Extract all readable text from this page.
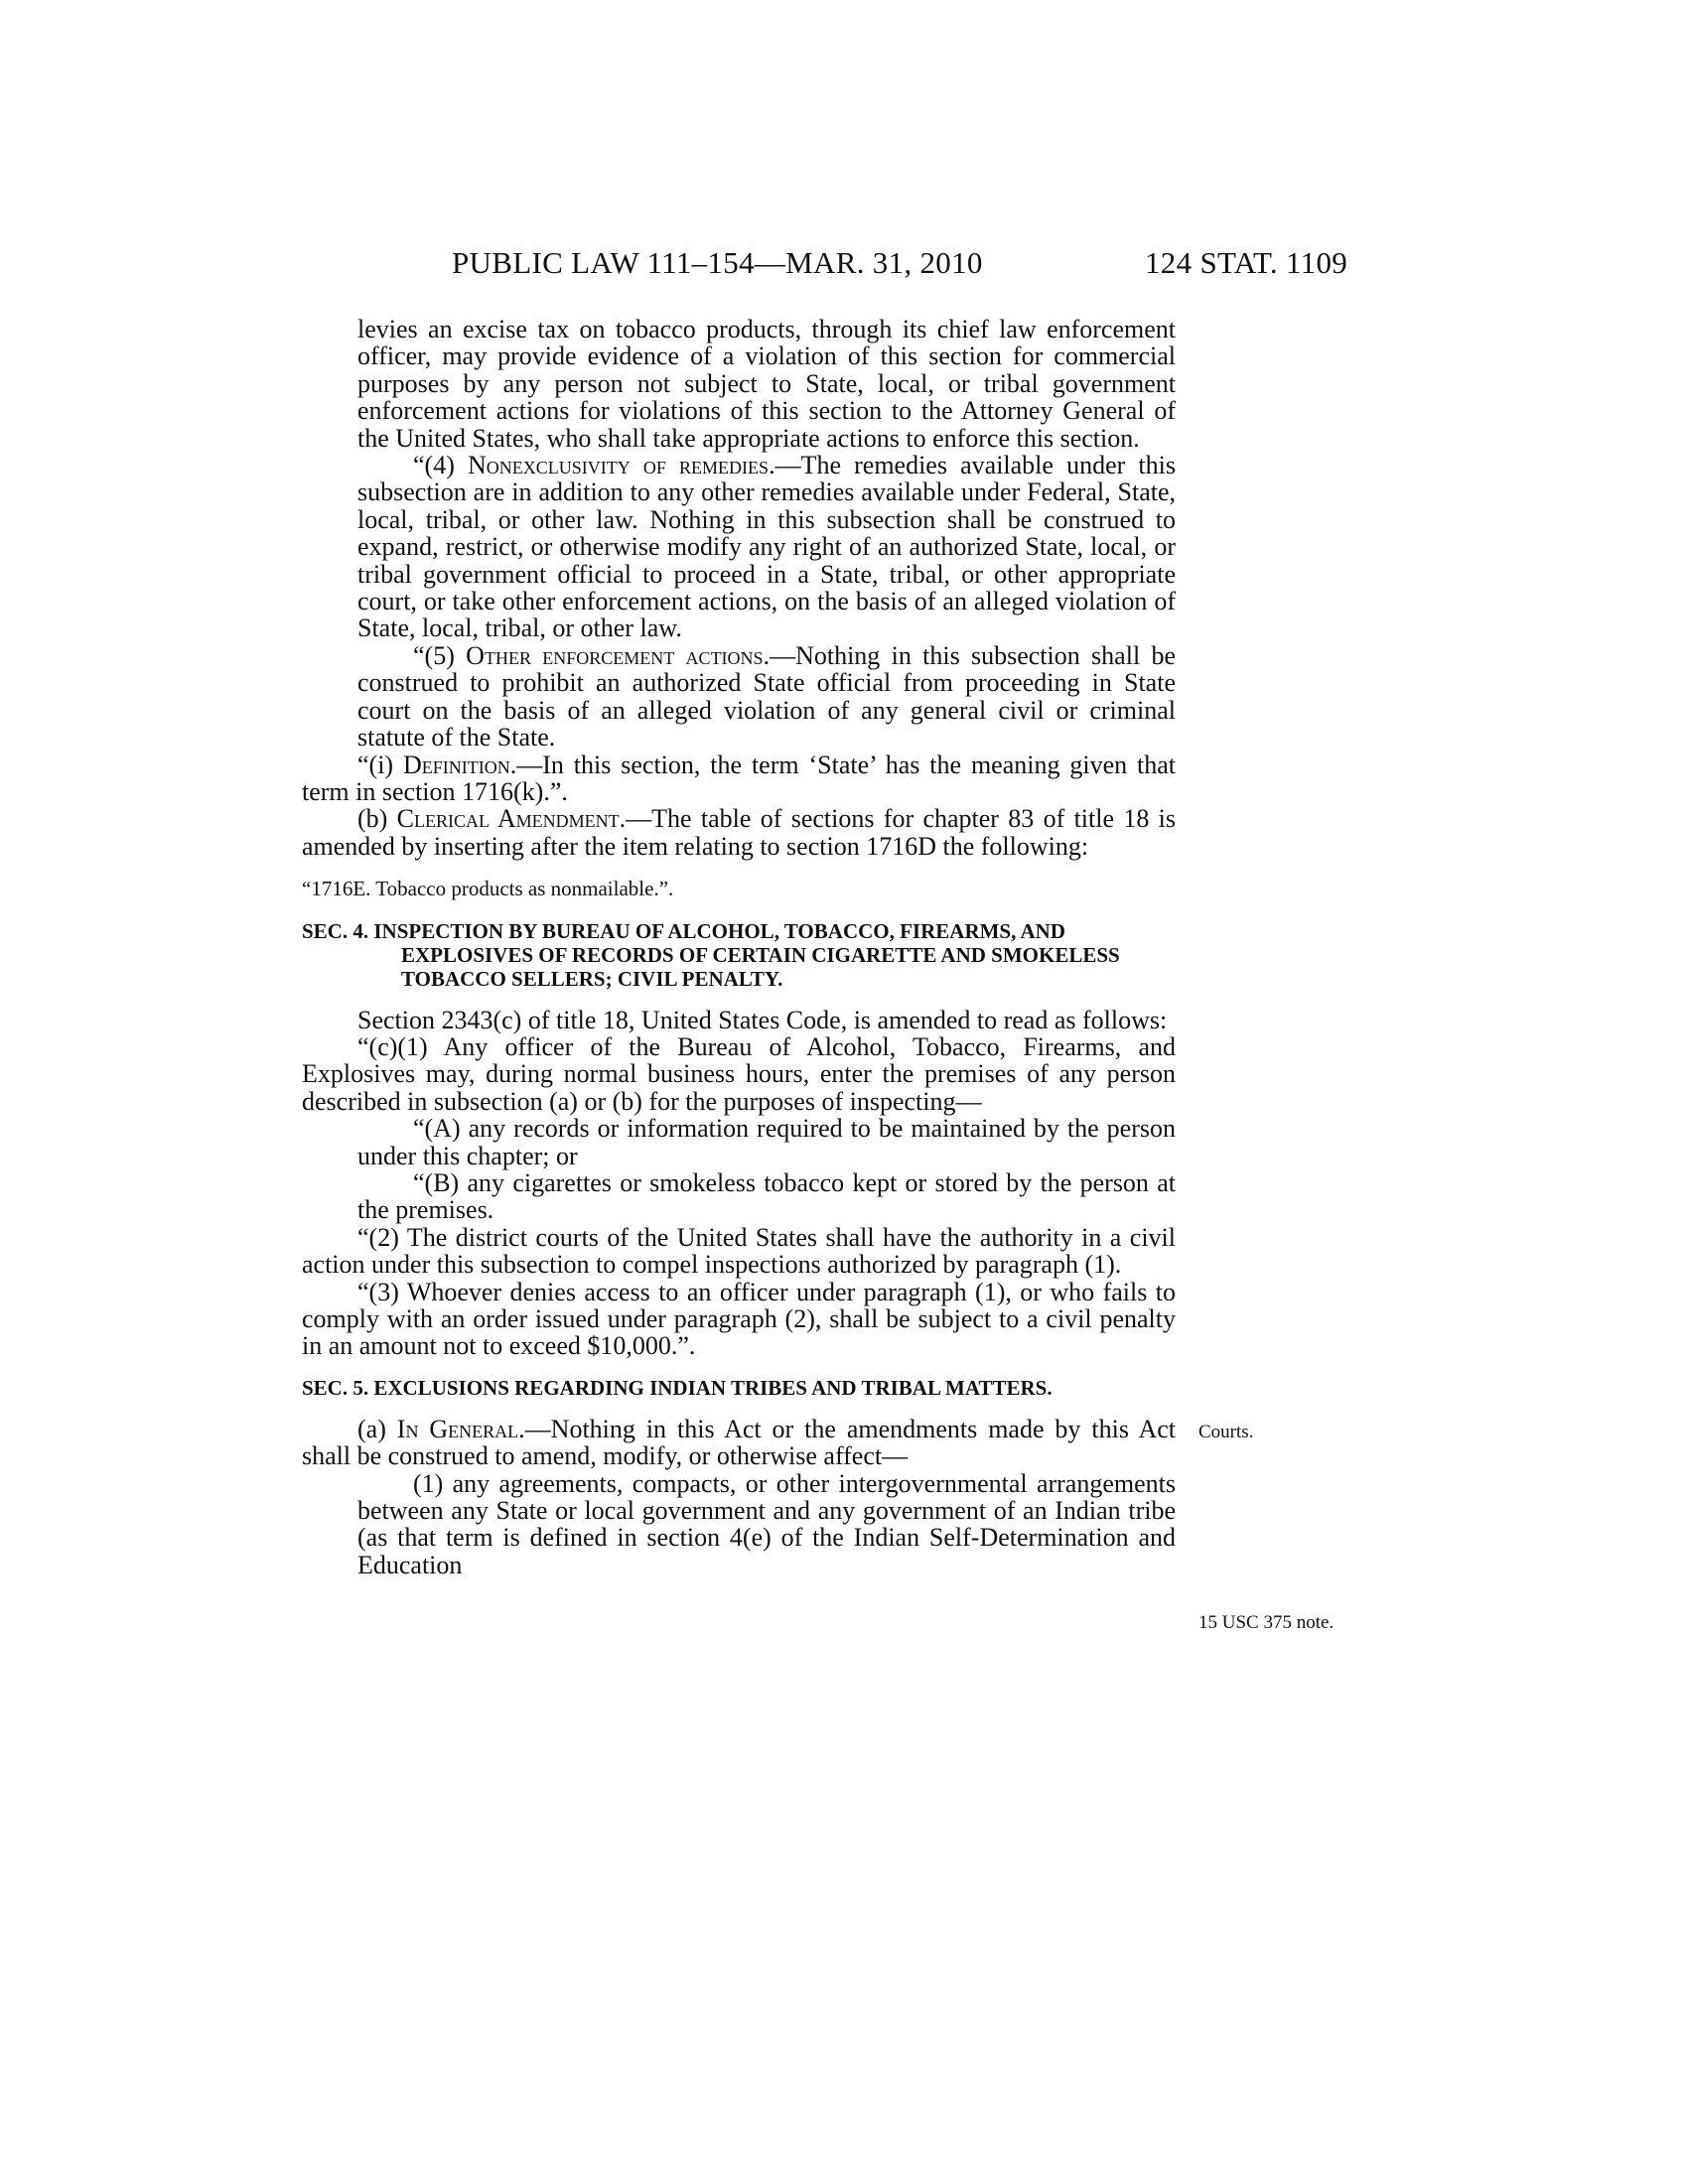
PUBLIC LAW 111–154—MAR. 31, 2010	124 STAT. 1109

levies an excise tax on tobacco products, through its chief law enforcement officer, may provide evidence of a violation of this section for commercial purposes by any person not subject to State, local, or tribal government enforcement actions for violations of this section to the Attorney General of the United States, who shall take appropriate actions to enforce this section.

“(4) Nonexclusivity of remedies.—The remedies available under this subsection are in addition to any other remedies available under Federal, State, local, tribal, or other law. Nothing in this subsection shall be construed to expand, restrict, or otherwise modify any right of an authorized State, local, or tribal government official to proceed in a State, tribal, or other appropriate court, or take other enforcement actions, on the basis of an alleged violation of State, local, tribal, or other law.

“(5) Other enforcement actions.—Nothing in this subsection shall be construed to prohibit an authorized State official from proceeding in State court on the basis of an alleged violation of any general civil or criminal statute of the State.

“(i) Definition.—In this section, the term ‘State’ has the meaning given that term in section 1716(k).”.

(b) Clerical Amendment.—The table of sections for chapter 83 of title 18 is amended by inserting after the item relating to section 1716D the following:

“1716E. Tobacco products as nonmailable.”.

SEC. 4. INSPECTION BY BUREAU OF ALCOHOL, TOBACCO, FIREARMS, AND EXPLOSIVES OF RECORDS OF CERTAIN CIGARETTE AND SMOKELESS TOBACCO SELLERS; CIVIL PENALTY.

Section 2343(c) of title 18, United States Code, is amended to read as follows:

“(c)(1) Any officer of the Bureau of Alcohol, Tobacco, Firearms, and Explosives may, during normal business hours, enter the premises of any person described in subsection (a) or (b) for the purposes of inspecting—

“(A) any records or information required to be maintained by the person under this chapter; or

“(B) any cigarettes or smokeless tobacco kept or stored by the person at the premises.

“(2) The district courts of the United States shall have the authority in a civil action under this subsection to compel inspections authorized by paragraph (1).

“(3) Whoever denies access to an officer under paragraph (1), or who fails to comply with an order issued under paragraph (2), shall be subject to a civil penalty in an amount not to exceed $10,000.”.

SEC. 5. EXCLUSIONS REGARDING INDIAN TRIBES AND TRIBAL MATTERS.

(a) In General.—Nothing in this Act or the amendments made by this Act shall be construed to amend, modify, or otherwise affect—

(1) any agreements, compacts, or other intergovernmental arrangements between any State or local government and any government of an Indian tribe (as that term is defined in section 4(e) of the Indian Self-Determination and Education

Courts.
15 USC 375 note.
